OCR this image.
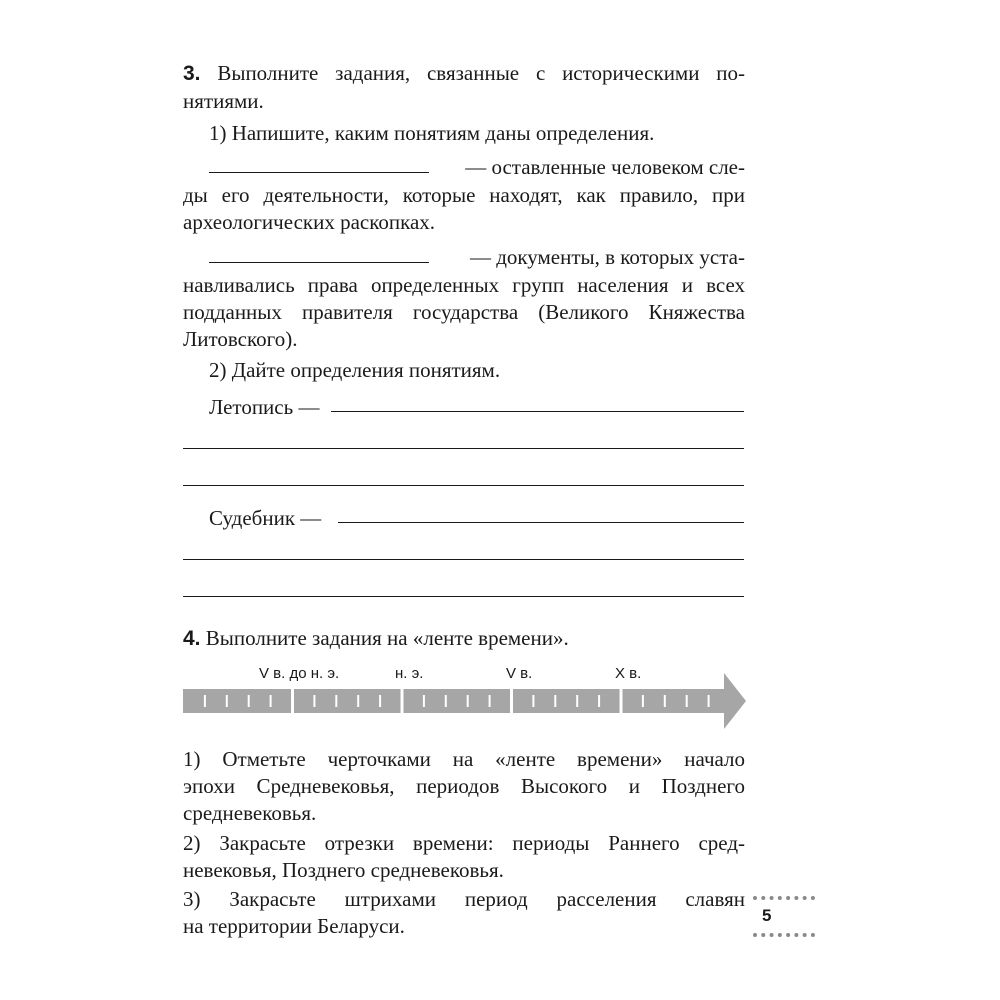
3. Выполните задания, связанные с историческими по-
нятиями.
1) Напишите, каким понятиям даны определения.
— оставленные человеком сле-
ды его деятельности, которые находят, как правило, при
археологических раскопках.
— документы, в которых уста-
навливались права определенных групп населения и всех
подданных правителя государства (Великого Княжества
Литовского).
2) Дайте определения понятиям.
Летопись —
Судебник —
4. Выполните задания на «ленте времени».
V в. до н. э.	н. э.	V в.	X в.
1) Отметьте черточками на «ленте времени» начало
эпохи Средневековья, периодов Высокого и Позднего
средневековья.
2) Закрасьте отрезки времени: периоды Раннего сред-
невековья, Позднего средневековья.
3) Закрасьте штрихами период расселения славян
на территории Беларуси.	5
